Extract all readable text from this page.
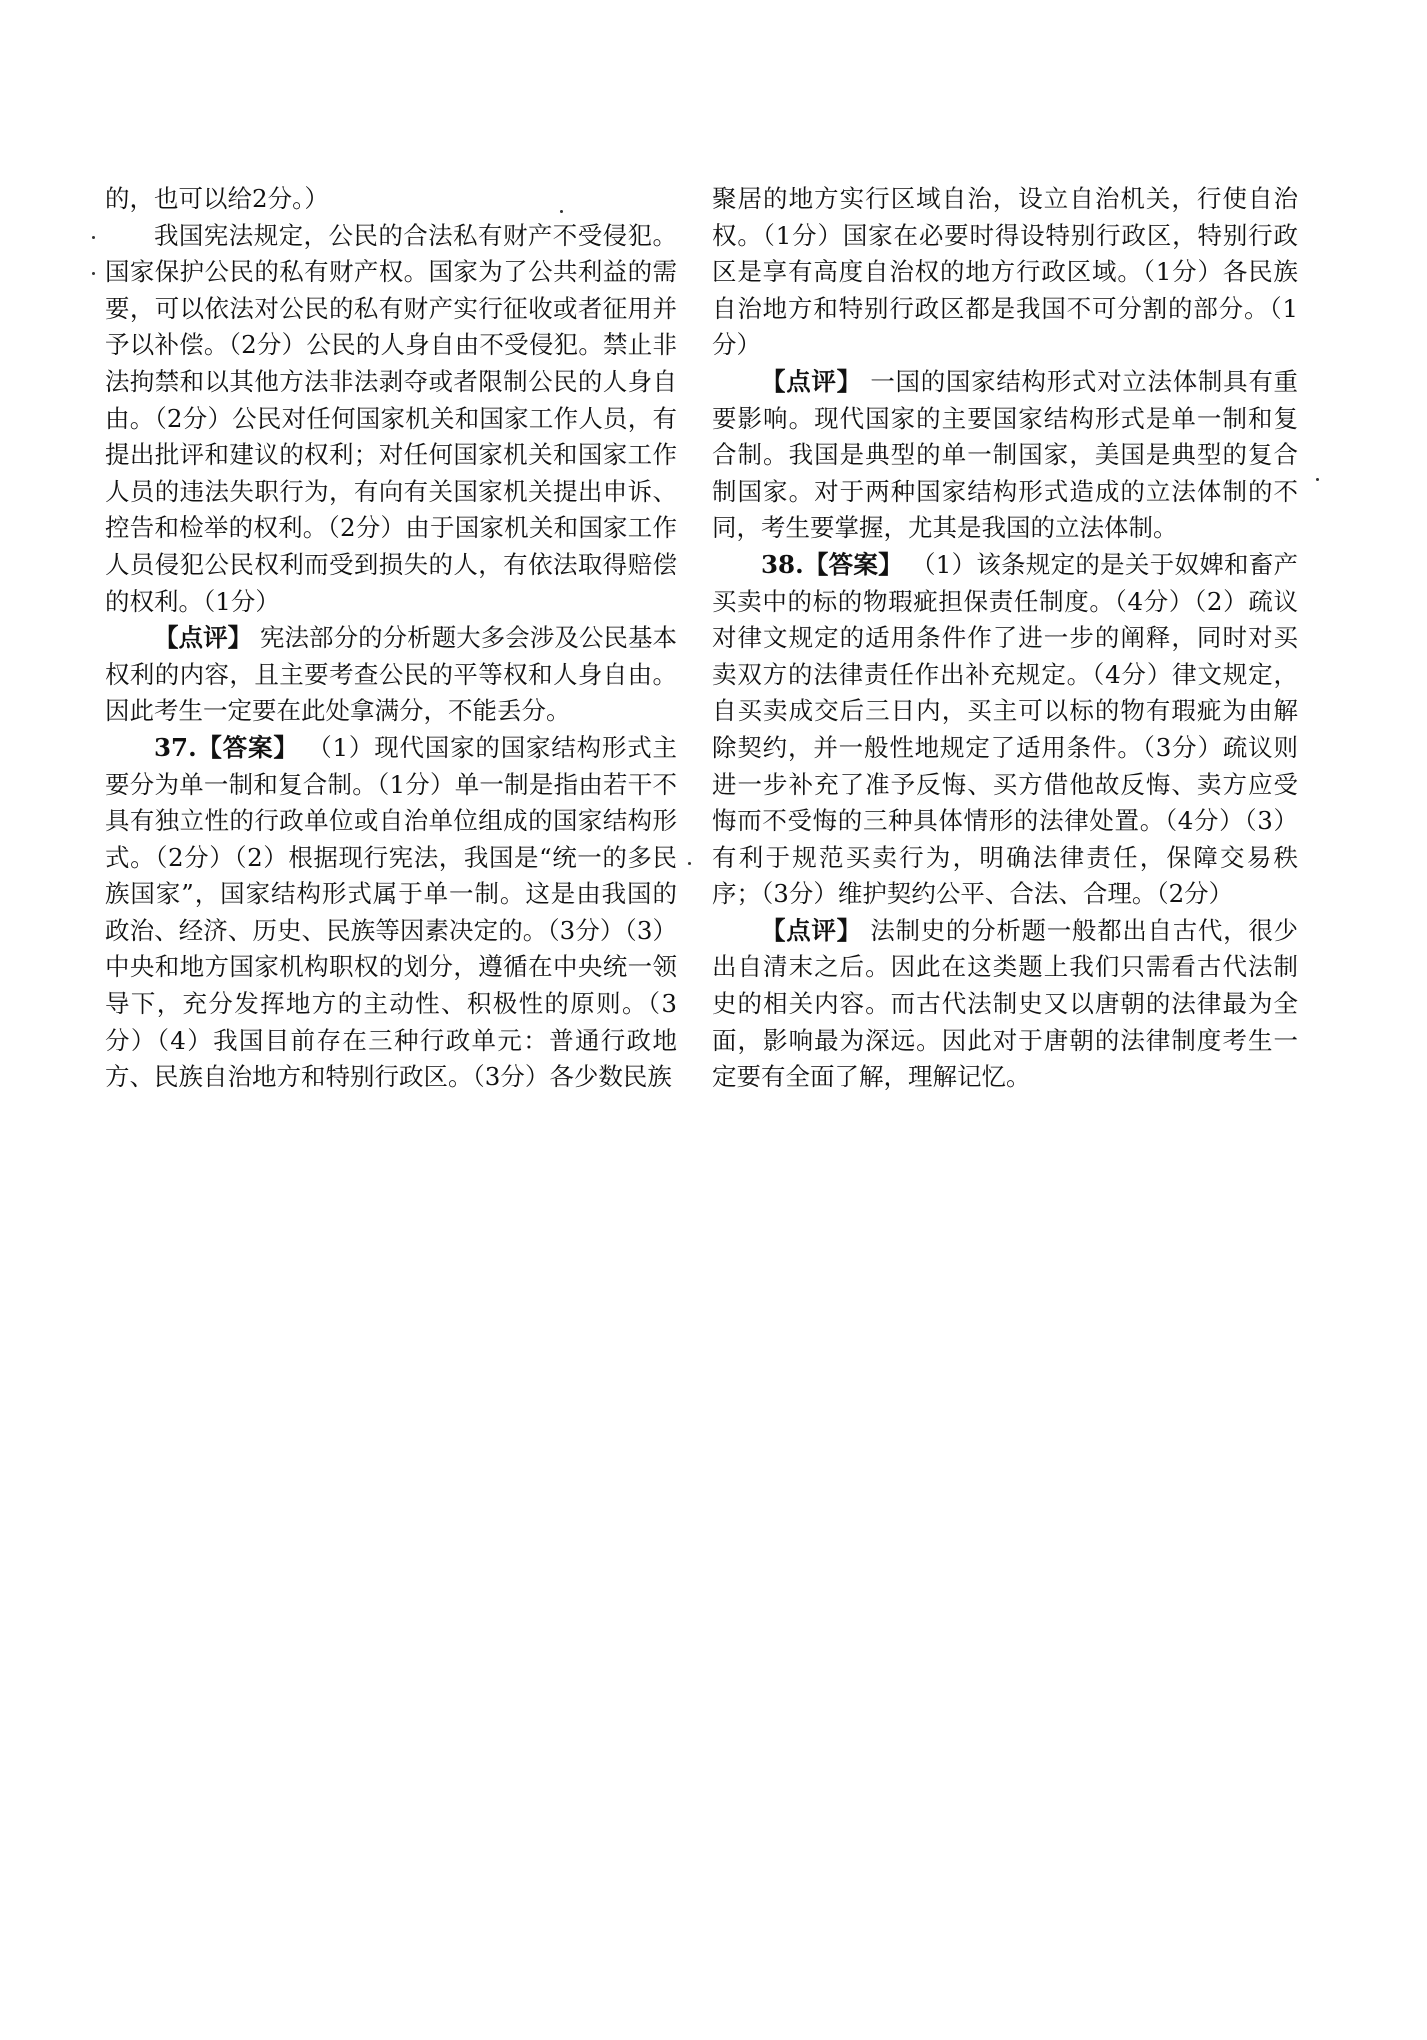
的，也可以给2分。）

我国宪法规定，公民的合法私有财产不受侵犯。国家保护公民的私有财产权。国家为了公共利益的需要，可以依法对公民的私有财产实行征收或者征用并予以补偿。（2分）公民的人身自由不受侵犯。禁止非法拘禁和以其他方法非法剥夺或者限制公民的人身自由。（2分）公民对任何国家机关和国家工作人员，有提出批评和建议的权利；对任何国家机关和国家工作人员的违法失职行为，有向有关国家机关提出申诉、控告和检举的权利。（2分）由于国家机关和国家工作人员侵犯公民权利而受到损失的人，有依法取得赔偿的权利。（1分）

【点评】 宪法部分的分析题大多会涉及公民基本权利的内容，且主要考查公民的平等权和人身自由。因此考生一定要在此处拿满分，不能丢分。

37.【答案】 （1）现代国家的国家结构形式主要分为单一制和复合制。（1分）单一制是指由若干不具有独立性的行政单位或自治单位组成的国家结构形式。（2分）（2）根据现行宪法，我国是“统一的多民族国家”，国家结构形式属于单一制。这是由我国的政治、经济、历史、民族等因素决定的。（3分）（3）中央和地方国家机构职权的划分，遵循在中央统一领导下，充分发挥地方的主动性、积极性的原则。（3分）（4）我国目前存在三种行政单元：普通行政地方、民族自治地方和特别行政区。（3分）各少数民族

聚居的地方实行区域自治，设立自治机关，行使自治权。（1分）国家在必要时得设特别行政区，特别行政区是享有高度自治权的地方行政区域。（1分）各民族自治地方和特别行政区都是我国不可分割的部分。（1分）

【点评】 一国的国家结构形式对立法体制具有重要影响。现代国家的主要国家结构形式是单一制和复合制。我国是典型的单一制国家，美国是典型的复合制国家。对于两种国家结构形式造成的立法体制的不同，考生要掌握，尤其是我国的立法体制。

38.【答案】 （1）该条规定的是关于奴婢和畜产买卖中的标的物瑕疵担保责任制度。（4分）（2）疏议对律文规定的适用条件作了进一步的阐释，同时对买卖双方的法律责任作出补充规定。（4分）律文规定，自买卖成交后三日内，买主可以标的物有瑕疵为由解除契约，并一般性地规定了适用条件。（3分）疏议则进一步补充了准予反悔、买方借他故反悔、卖方应受悔而不受悔的三种具体情形的法律处置。（4分）（3）有利于规范买卖行为，明确法律责任，保障交易秩序；（3分）维护契约公平、合法、合理。（2分）

【点评】 法制史的分析题一般都出自古代，很少出自清末之后。因此在这类题上我们只需看古代法制史的相关内容。而古代法制史又以唐朝的法律最为全面，影响最为深远。因此对于唐朝的法律制度考生一定要有全面了解，理解记忆。
